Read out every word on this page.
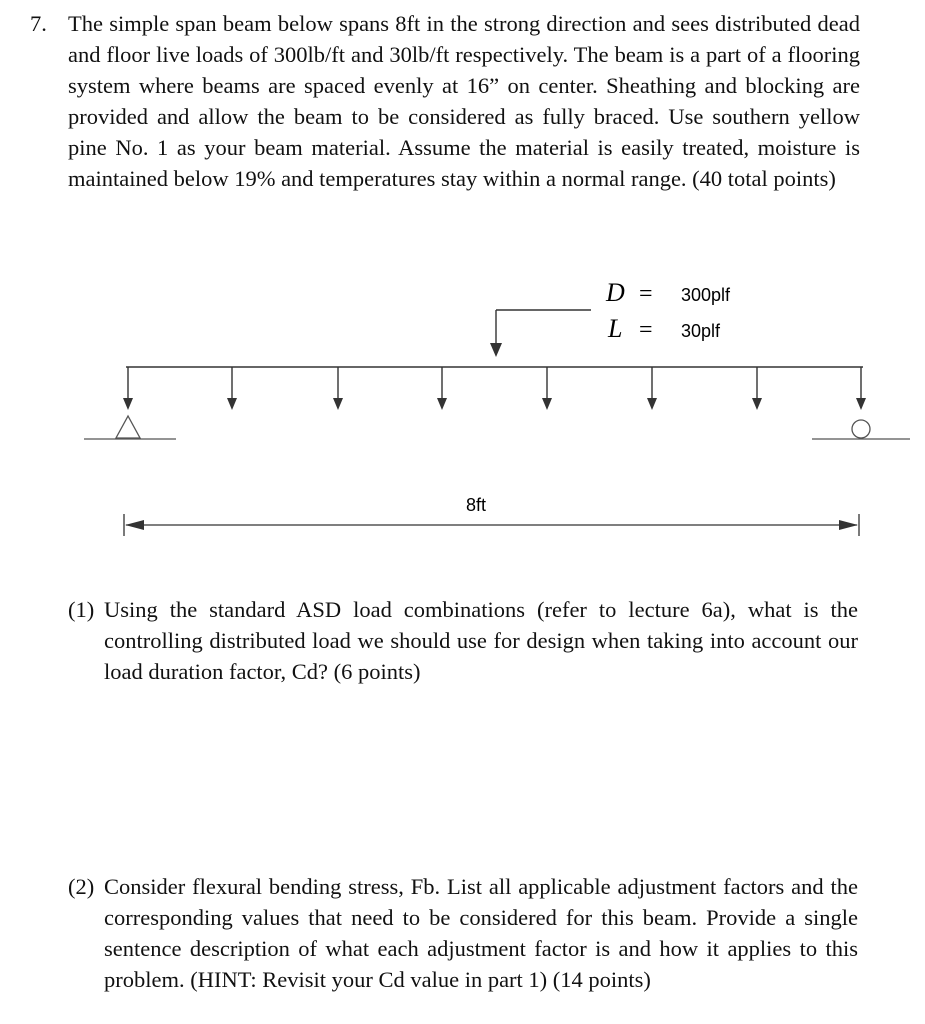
7. The simple span beam below spans 8ft in the strong direction and sees distributed dead and floor live loads of 300lb/ft and 30lb/ft respectively. The beam is a part of a flooring system where beams are spaced evenly at 16” on center. Sheathing and blocking are provided and allow the beam to be considered as fully braced. Use southern yellow pine No. 1 as your beam material. Assume the material is easily treated, moisture is maintained below 19% and temperatures stay within a normal range. (40 total points)
D = 300plf
L = 30plf
8ft
(1) Using the standard ASD load combinations (refer to lecture 6a), what is the controlling distributed load we should use for design when taking into account our load duration factor, Cd? (6 points)
(2) Consider flexural bending stress, Fb. List all applicable adjustment factors and the corresponding values that need to be considered for this beam. Provide a single sentence description of what each adjustment factor is and how it applies to this problem. (HINT: Revisit your Cd value in part 1) (14 points)
